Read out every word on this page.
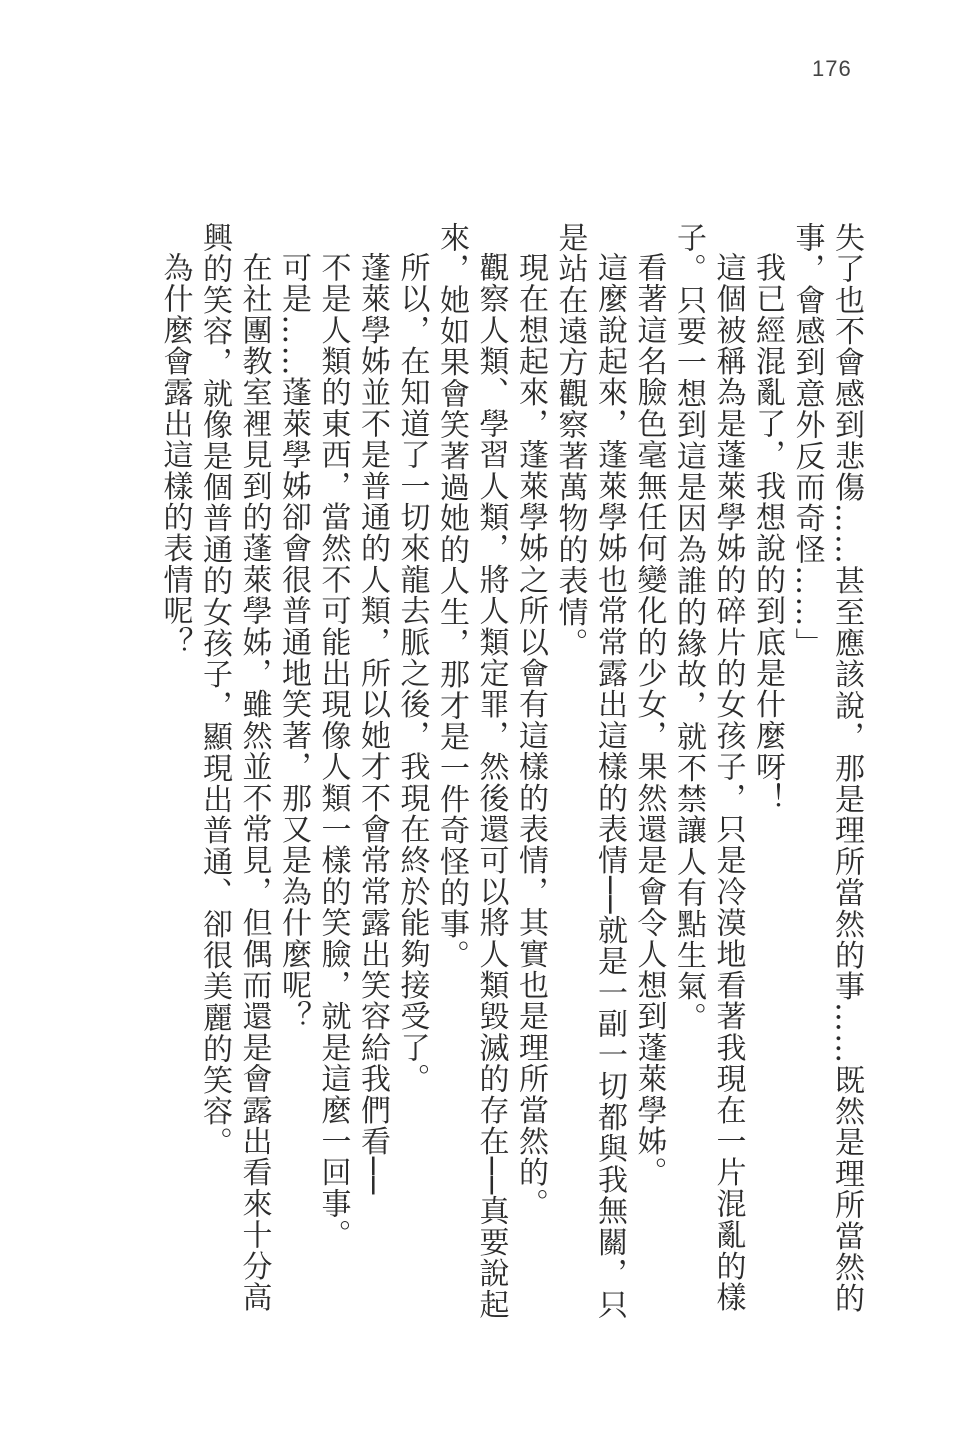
176

失了也不會感到悲傷……甚至應該說，那是理所當然的事……既然是理所當然的事，會感到意外反而奇怪……」

我已經混亂了，我想說的到底是什麼呀！

這個被稱為是蓬萊學姊的碎片的女孩子，只是冷漠地看著我現在一片混亂的樣子。只要一想到這是因為誰的緣故，就不禁讓人有點生氣。

看著這名臉色毫無任何變化的少女，果然還是會令人想到蓬萊學姊。

這麼說起來，蓬萊學姊也常常露出這樣的表情──就是一副一切都與我無關，只是站在遠方觀察著萬物的表情。

現在想起來，蓬萊學姊之所以會有這樣的表情，其實也是理所當然的。

觀察人類、學習人類，將人類定罪，然後還可以將人類毀滅的存在──真要說起來，她如果會笑著過她的人生，那才是一件奇怪的事。

所以，在知道了一切來龍去脈之後，我現在終於能夠接受了。

蓬萊學姊並不是普通的人類，所以她才不會常常露出笑容給我們看──

不是人類的東西，當然不可能出現像人類一樣的笑臉，就是這麼一回事。

可是……蓬萊學姊卻會很普通地笑著，那又是為什麼呢？

在社團教室裡見到的蓬萊學姊，雖然並不常見，但偶而還是會露出看來十分高興的笑容，就像是個普通的女孩子，顯現出普通、卻很美麗的笑容。

為什麼會露出這樣的表情呢？
